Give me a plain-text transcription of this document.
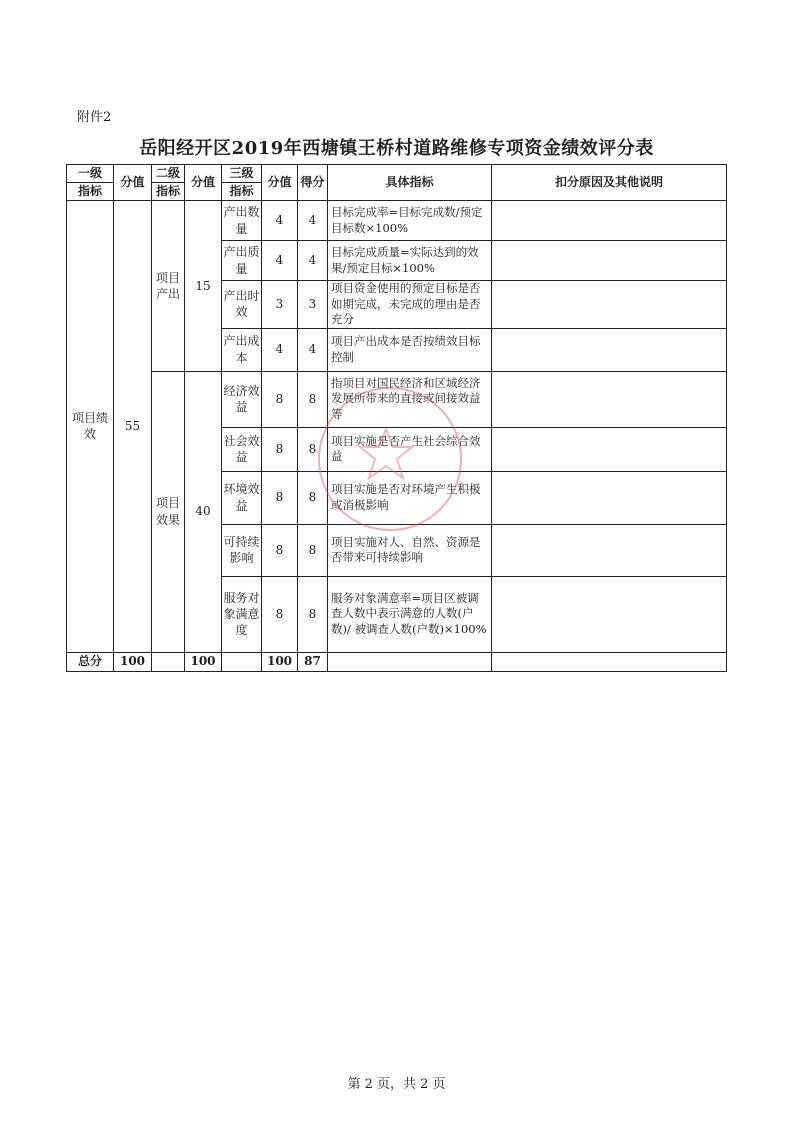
附件2
岳阳经开区2019年西塘镇王桥村道路维修专项资金绩效评分表
一级	分值	二级	分值	三级	分值	得分	具体指标	扣分原因及其他说明
指标		指标		指标				
项目绩效	55	项目产出	15	产出数量	4	4	目标完成率=目标完成数/预定目标数×100%	
				产出质量	4	4	目标完成质量=实际达到的效果/预定目标×100%	
				产出时效	3	3	项目资金使用的预定目标是否如期完成，未完成的理由是否充分	
				产出成本	4	4	项目产出成本是否按绩效目标控制	
		项目效果	40	经济效益	8	8	指项目对国民经济和区域经济发展所带来的直接或间接效益等	
				社会效益	8	8	项目实施是否产生社会综合效益	
				环境效益	8	8	项目实施是否对环境产生积极或消极影响	
				可持续影响	8	8	项目实施对人、自然、资源是否带来可持续影响	
				服务对象满意度	8	8	服务对象满意率=项目区被调查人数中表示满意的人数(户数)/ 被调查人数(户数)×100%	
总分	100		100		100	87		
第 2 页，共 2 页
